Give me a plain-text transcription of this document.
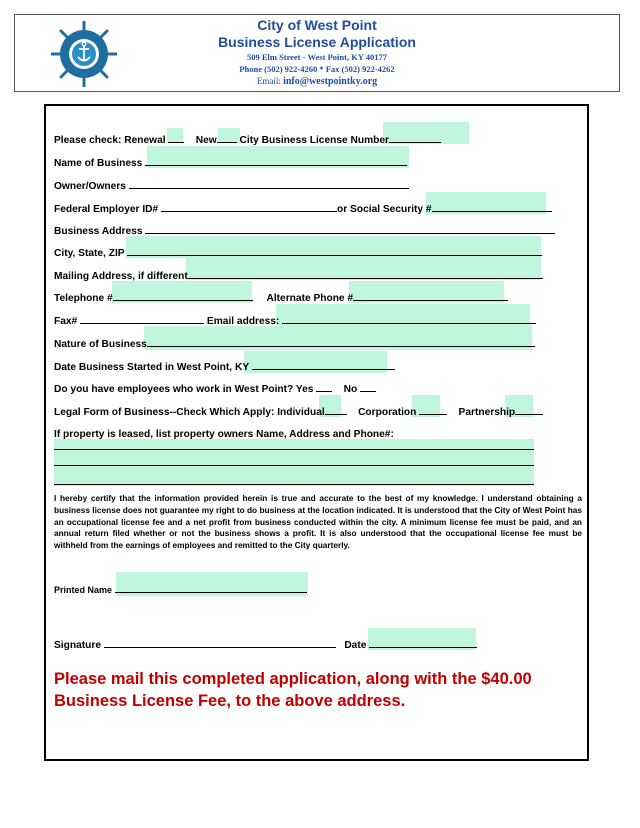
City of West Point
Business License Application
509 Elm Street - West Point, KY 40177
Phone (502) 922-4260 * Fax (502) 922-4262
Email: info@westpointky.org
Please check: Renewal	New City Business License Number
Name of Business
Owner/Owners
Federal Employer ID#	or Social Security #
Business Address
City, State, ZIP
Mailing Address, if different
Telephone #	Alternate Phone #
Fax#	Email address:
Nature of Business
Date Business Started in West Point, KY
Do you have employees who work in West Point? Yes	No
Legal Form of Business--Check Which Apply: Individual	Corporation	Partnership
If property is leased, list property owners Name, Address and Phone#:
I hereby certify that the information provided herein is true and accurate to the best of my knowledge. I understand obtaining a business license does not guarantee my right to do business at the location indicated. It is understood that the City of West Point has an occupational license fee and a net profit from business conducted within the city. A minimum license fee must be paid, and an annual return filed whether or not the business shows a profit. It is also understood that the occupational license fee must be withheld from the earnings of employees and remitted to the City quarterly.
Printed Name
Signature	Date
Please mail this completed application, along with the $40.00 Business License Fee, to the above address.
